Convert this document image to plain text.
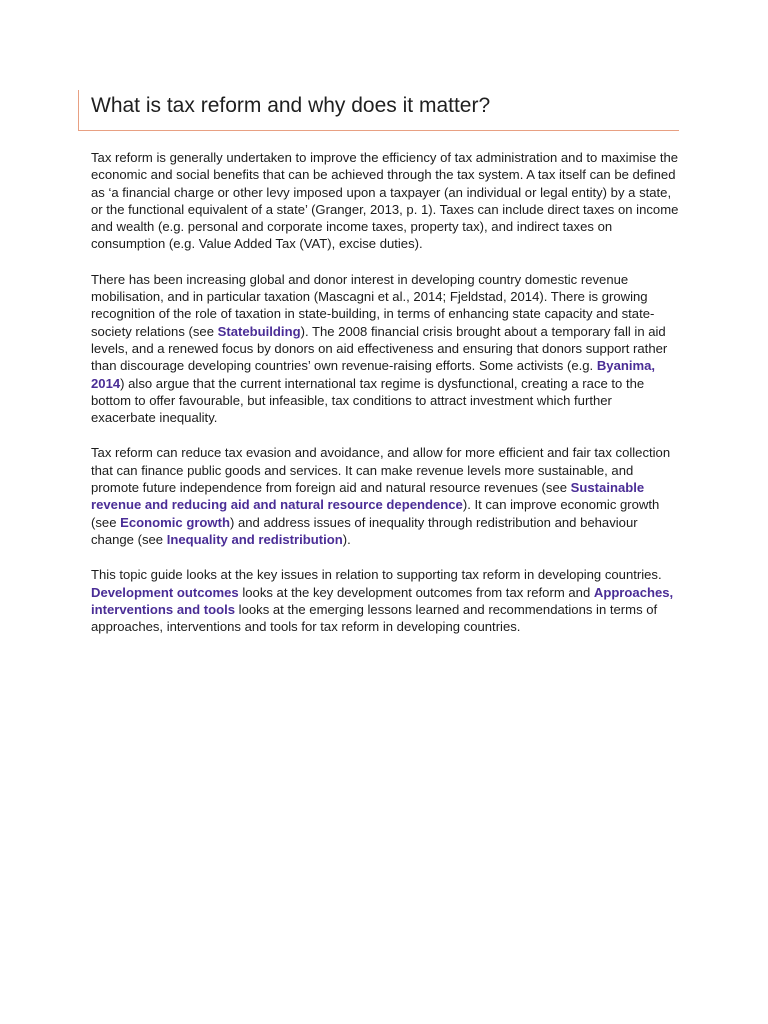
What is tax reform and why does it matter?

Tax reform is generally undertaken to improve the efficiency of tax administration and to maximise the economic and social benefits that can be achieved through the tax system. A tax itself can be defined as ‘a financial charge or other levy imposed upon a taxpayer (an individual or legal entity) by a state, or the functional equivalent of a state’ (Granger, 2013, p. 1). Taxes can include direct taxes on income and wealth (e.g. personal and corporate income taxes, property tax), and indirect taxes on consumption (e.g. Value Added Tax (VAT), excise duties).

There has been increasing global and donor interest in developing country domestic revenue mobilisation, and in particular taxation (Mascagni et al., 2014; Fjeldstad, 2014). There is growing recognition of the role of taxation in state-building, in terms of enhancing state capacity and state-society relations (see Statebuilding). The 2008 financial crisis brought about a temporary fall in aid levels, and a renewed focus by donors on aid effectiveness and ensuring that donors support rather than discourage developing countries’ own revenue-raising efforts. Some activists (e.g. Byanima, 2014) also argue that the current international tax regime is dysfunctional, creating a race to the bottom to offer favourable, but infeasible, tax conditions to attract investment which further exacerbate inequality.

Tax reform can reduce tax evasion and avoidance, and allow for more efficient and fair tax collection that can finance public goods and services. It can make revenue levels more sustainable, and promote future independence from foreign aid and natural resource revenues (see Sustainable revenue and reducing aid and natural resource dependence). It can improve economic growth (see Economic growth) and address issues of inequality through redistribution and behaviour change (see Inequality and redistribution).

This topic guide looks at the key issues in relation to supporting tax reform in developing countries. Development outcomes looks at the key development outcomes from tax reform and Approaches, interventions and tools looks at the emerging lessons learned and recommendations in terms of approaches, interventions and tools for tax reform in developing countries.
